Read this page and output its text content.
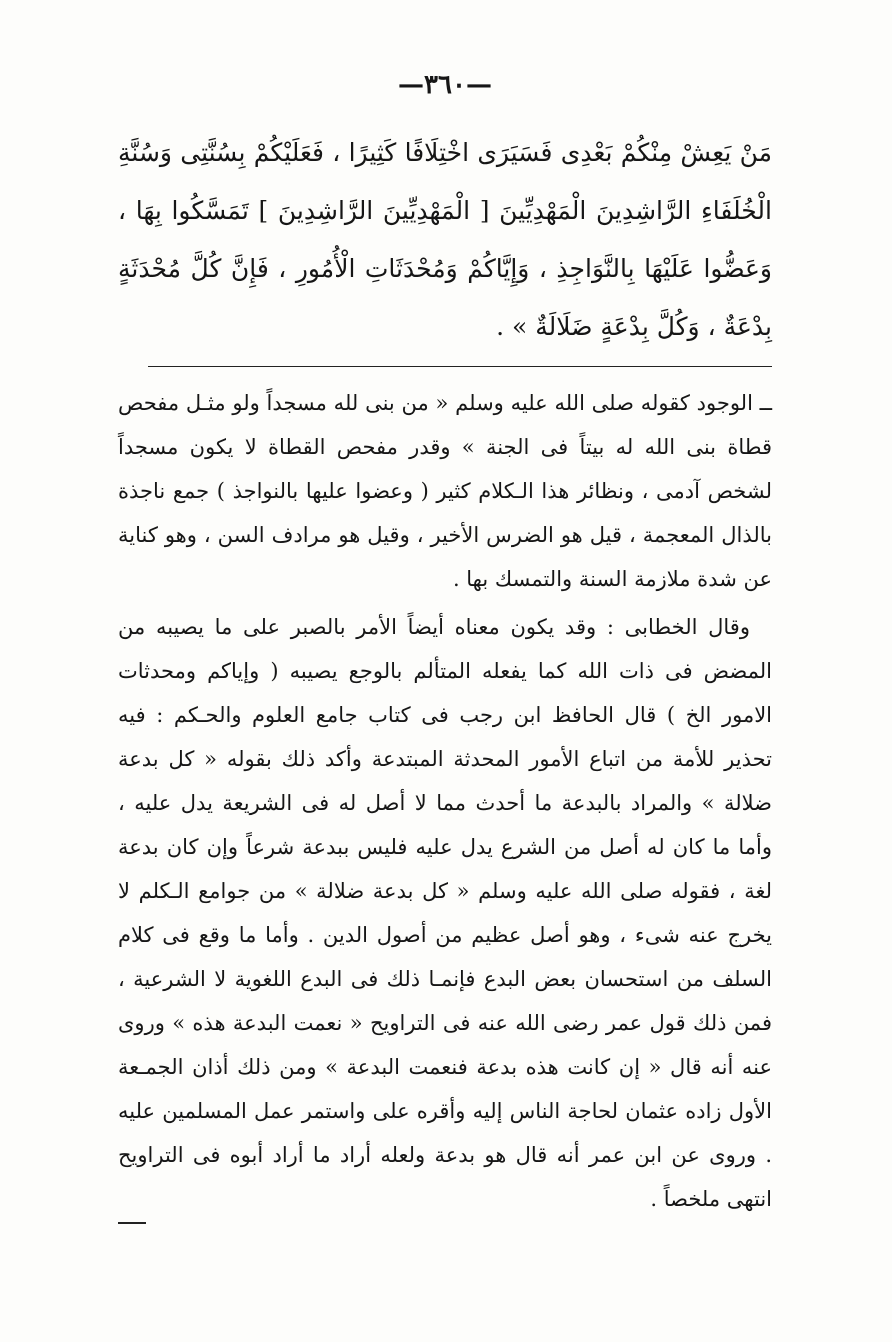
—٣٦٠—
مَنْ يَعِشْ مِنْكُمْ بَعْدِى فَسَيَرَى اخْتِلَافًا كَثِيرًا ، فَعَلَيْكُمْ بِسُنَّتِى وَسُنَّةِ الْخُلَفَاءِ الرَّاشِدِينَ الْمَهْدِيِّينَ [ الْمَهْدِيِّينَ الرَّاشِدِينَ ] تَمَسَّكُوا بِهَا ، وَعَضُّوا عَلَيْهَا بِالنَّوَاجِذِ ، وَإِيَّاكُمْ وَمُحْدَثَاتِ الْأُمُورِ ، فَإِنَّ كُلَّ مُحْدَثَةٍ بِدْعَةٌ ، وَكُلَّ بِدْعَةٍ ضَلَالَةٌ » .

ــ الوجود كقوله صلى الله عليه وسلم « من بنى لله مسجداً ولو مثـل مفحص قطاة بنى الله له بيتاً فى الجنة » وقدر مفحص القطاة لا يكون مسجداً لشخص آدمى ، ونظائر هذا الـكلام كثير ( وعضوا عليها بالنواجذ ) جمع ناجذة بالذال المعجمة ، قيل هو الضرس الأخير ، وقيل هو مرادف السن ، وهو كناية عن شدة ملازمة السنة والتمسك بها .

وقال الخطابى : وقد يكون معناه أيضاً الأمر بالصبر على ما يصيبه من المضض فى ذات الله كما يفعله المتألم بالوجع يصيبه ( وإياكم ومحدثات الامور الخ ) قال الحافظ ابن رجب فى كتاب جامع العلوم والحـكم : فيه تحذير للأمة من اتباع الأمور المحدثة المبتدعة وأكد ذلك بقوله « كل بدعة ضلالة » والمراد بالبدعة ما أحدث مما لا أصل له فى الشريعة يدل عليه ، وأما ما كان له أصل من الشرع يدل عليه فليس ببدعة شرعاً وإن كان بدعة لغة ، فقوله صلى الله عليه وسلم « كل بدعة ضلالة » من جوامع الـكلم لا يخرج عنه شىء ، وهو أصل عظيم من أصول الدين . وأما ما وقع فى كلام السلف من استحسان بعض البدع فإنمـا ذلك فى البدع اللغوية لا الشرعية ، فمن ذلك قول عمر رضى الله عنه فى التراويح « نعمت البدعة هذه » وروى عنه أنه قال « إن كانت هذه بدعة فنعمت البدعة » ومن ذلك أذان الجمـعة الأول زاده عثمان لحاجة الناس إليه وأقره على واستمر عمل المسلمين عليه . وروى عن ابن عمر أنه قال هو بدعة ولعله أراد ما أراد أبوه فى التراويح انتهى ملخصاً .
